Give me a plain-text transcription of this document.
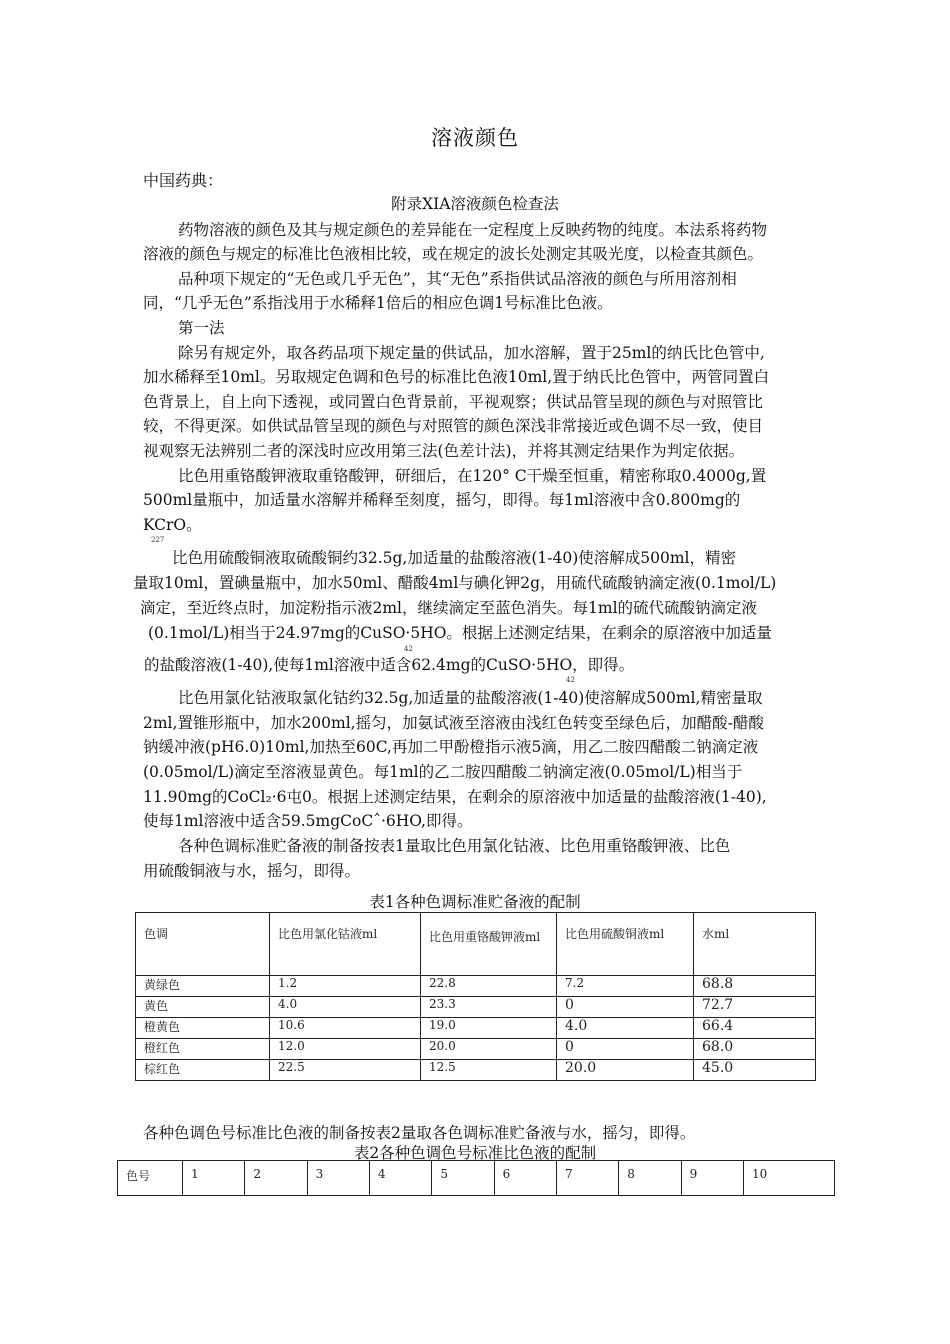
溶液颜色
中国药典：
附录XIA溶液颜色检查法
药物溶液的颜色及其与规定颜色的差异能在一定程度上反映药物的纯度。本法系将药物
溶液的颜色与规定的标准比色液相比较，或在规定的波长处测定其吸光度，以检查其颜色。
品种项下规定的“无色或几乎无色”，其“无色”系指供试品溶液的颜色与所用溶剂相
同，“几乎无色”系指浅用于水稀释1倍后的相应色调1号标准比色液。
第一法
除另有规定外，取各药品项下规定量的供试品，加水溶解，置于25ml的纳氏比色管中,
加水稀释至10ml。另取规定色调和色号的标准比色液10ml,置于纳氏比色管中，两管同置白
色背景上，自上向下透视，或同置白色背景前，平视观察；供试品管呈现的颜色与对照管比
较，不得更深。如供试品管呈现的颜色与对照管的颜色深浅非常接近或色调不尽一致，使目
视观察无法辨别二者的深浅时应改用第三法(色差计法)，并将其测定结果作为判定依据。
比色用重铬酸钾液取重铬酸钾，研细后，在120° C干燥至恒重，精密称取0.4000g,置
500ml量瓶中，加适量水溶解并稀释至刻度，摇匀，即得。每1ml溶液中含0.800mg的
KCrO。
227
比色用硫酸铜液取硫酸铜约32.5g,加适量的盐酸溶液(1-40)使溶解成500ml，精密
量取10ml，置碘量瓶中，加水50ml、醋酸4ml与碘化钾2g，用硫代硫酸钠滴定液(0.1mol/L)
滴定，至近终点时，加淀粉指示液2ml，继续滴定至蓝色消失。每1ml的硫代硫酸钠滴定液
(0.1mol/L)相当于24.97mg的CuSO·5HO。根据上述测定结果，在剩余的原溶液中加适量
42
的盐酸溶液(1-40),使每1ml溶液中适含62.4mg的CuSO·5HO，即得。
42
比色用氯化钴液取氯化钴约32.5g,加适量的盐酸溶液(1-40)使溶解成500ml,精密量取
2ml,置锥形瓶中，加水200ml,摇匀，加氨试液至溶液由浅红色转变至绿色后，加醋酸-醋酸
钠缓冲液(pH6.0)10ml,加热至60C,再加二甲酚橙指示液5滴，用乙二胺四醋酸二钠滴定液
(0.05mol/L)滴定至溶液显黄色。每1ml的乙二胺四醋酸二钠滴定液(0.05mol/L)相当于
11.90mg的CoCl₂·6屯0。根据上述测定结果，在剩余的原溶液中加适量的盐酸溶液(1-40),
使每1ml溶液中适含59.5mgCoCˆ·6HO,即得。
各种色调标准贮备液的制备按表1量取比色用氯化钴液、比色用重铬酸钾液、比色
用硫酸铜液与水，摇匀，即得。
表1各种色调标准贮备液的配制
色调	比色用氯化钴液ml	比色用重铬酸钾液ml	比色用硫酸铜液ml	水ml
黄绿色	1.2	22.8	7.2	68.8
黄色	4.0	23.3	0	72.7
橙黄色	10.6	19.0	4.0	66.4
橙红色	12.0	20.0	0	68.0
棕红色	22.5	12.5	20.0	45.0
各种色调色号标准比色液的制备按表2量取各色调标准贮备液与水，摇匀，即得。
表2各种色调色号标准比色液的配制
色号	1	2	3	4	5	6	7	8	9	10
